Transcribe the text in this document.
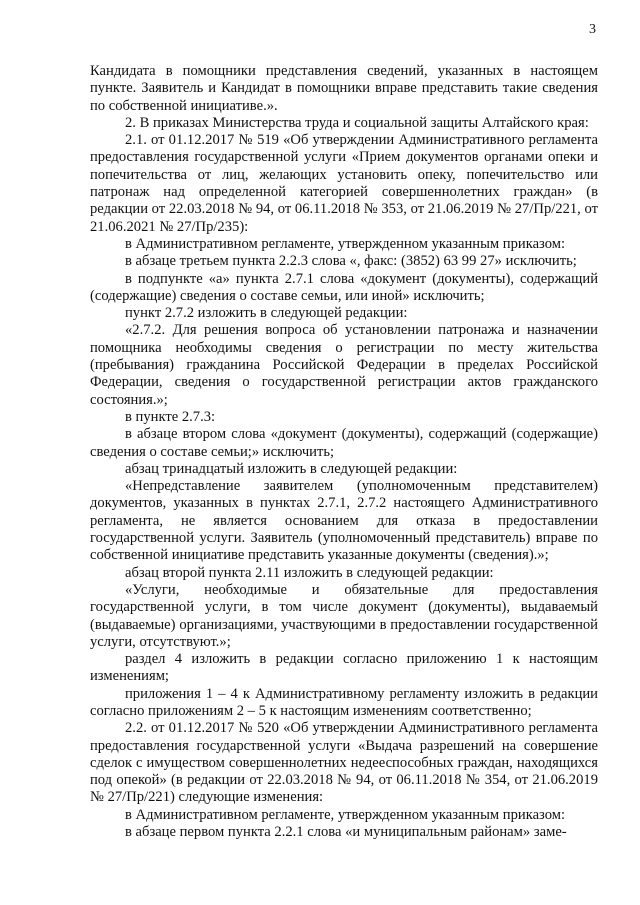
3

Кандидата в помощники представления сведений, указанных в настоящем пункте. Заявитель и Кандидат в помощники вправе представить такие сведения по собственной инициативе.».

2. В приказах Министерства труда и социальной защиты Алтайского края:

2.1. от 01.12.2017 № 519 «Об утверждении Административного регламента предоставления государственной услуги «Прием документов органами опеки и попечительства от лиц, желающих установить опеку, попечительство или патронаж над определенной категорией совершеннолетних граждан» (в редакции от 22.03.2018 № 94, от 06.11.2018 № 353, от 21.06.2019 № 27/Пр/221, от 21.06.2021 № 27/Пр/235):

в Административном регламенте, утвержденном указанным приказом:

в абзаце третьем пункта 2.2.3 слова «, факс: (3852) 63 99 27» исключить;

в подпункте «а» пункта 2.7.1 слова «документ (документы), содержащий (содержащие) сведения о составе семьи, или иной» исключить;

пункт 2.7.2 изложить в следующей редакции:

«2.7.2. Для решения вопроса об установлении патронажа и назначении помощника необходимы сведения о регистрации по месту жительства (пребывания) гражданина Российской Федерации в пределах Российской Федерации, сведения о государственной регистрации актов гражданского состояния.»;

в пункте 2.7.3:

в абзаце втором слова «документ (документы), содержащий (содержащие) сведения о составе семьи;» исключить;

абзац тринадцатый изложить в следующей редакции:

«Непредставление заявителем (уполномоченным представителем) документов, указанных в пунктах 2.7.1, 2.7.2 настоящего Административного регламента, не является основанием для отказа в предоставлении государственной услуги. Заявитель (уполномоченный представитель) вправе по собственной инициативе представить указанные документы (сведения).»;

абзац второй пункта 2.11 изложить в следующей редакции:

«Услуги, необходимые и обязательные для предоставления государственной услуги, в том числе документ (документы), выдаваемый (выдаваемые) организациями, участвующими в предоставлении государственной услуги, отсутствуют.»;

раздел 4 изложить в редакции согласно приложению 1 к настоящим изменениям;

приложения 1 – 4 к Административному регламенту изложить в редакции согласно приложениям 2 – 5 к настоящим изменениям соответственно;

2.2. от 01.12.2017 № 520 «Об утверждении Административного регламента предоставления государственной услуги «Выдача разрешений на совершение сделок с имуществом совершеннолетних недееспособных граждан, находящихся под опекой» (в редакции от 22.03.2018 № 94, от 06.11.2018 № 354, от 21.06.2019 № 27/Пр/221) следующие изменения:

в Административном регламенте, утвержденном указанным приказом:

в абзаце первом пункта 2.2.1 слова «и муниципальным районам» заме-
